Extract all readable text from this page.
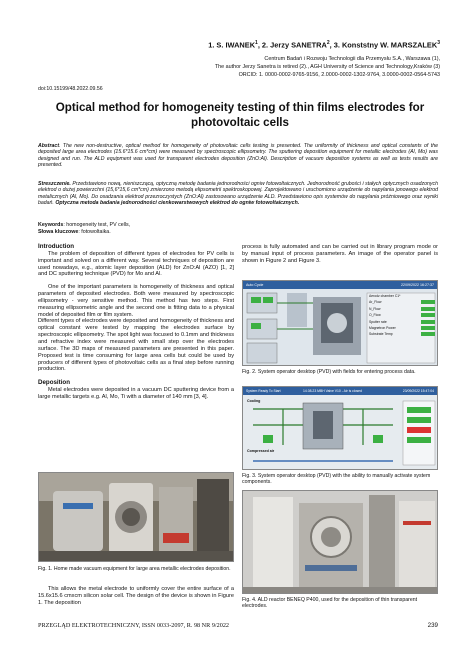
1. S. IWANEK$^1$, 2. Jerzy SANETRA$^2$, 3. Konststny W. MARSZALEK$^3$
Centrum Badań i Rozwoju Technologii dla Przemysłu S.A., Warszawa (1),
The author Jerzy Sanetra is retired (2)., AGH University of Science and Technology,Kraków (3)
ORCID: 1. 0000-0002-9765-9156, 2.0000-0002-1302-9764, 3.0000-0002-0564-5743
doi:10.15199/48.2022.09.56
Optical method for homogeneity testing of thin films electrodes for photovoltaic cells
Abstract. The new non-destructive, optical method for homogeneity of photovoltaic cells testing is presented. The uniformity of thickness and optical constants of the deposited large area electrodes (15.6*15.6 cm*cm) were measured by spectroscopic ellipsometry. The sputtering deposition equipment for metallic electrodes (Al, Mo) was designed and run. The ALD equipment was used for transparent electrodes deposition (ZnO:Al). Description of vacuum deposition systems as well as tests results are presented.
Streszczenie. Przedstawiono nową, nieniszczącą, optyczną metodę badania jednorodności ogniw fotowoltaicznych. Jednorodność grubości i stałych optycznych osadzonych elektrod o dużej powierzchni (15,6*15,6 cm*cm) zmierzono metodą elipsometrii spektroskopowej. Zaprojektowano i uruchomiono urządzenie do napylania jonowego elektrod metalicznych (Al, Mo). Do osadzania elektrod przezroczystych (ZnO:Al) zastosowano urządzenie ALD. Przedstawiono opis systemów do napylania próżniowego oraz wyniki badań. Optyczna metoda badania jednorodności cienkowarstwowych elektrod do ogniw fotowoltaicznych.
Keywords: homogeneity test, PV cells,
Słowa kluczowe: fotowoltaika.
Introduction

The problem of deposition of different types of electrodes for PV cells is important and solved on a different way. Several techniques of deposition are used nowadays, e.g., atomic layer deposition (ALD) for ZnO:Al (AZO) [1, 2] and DC sputtering technique (PVD) for Mo and Al.

One of the important parameters is homogeneity of thickness and optical parameters of deposited electrodes. Both were measured by spectroscopic ellipsometry - very sensitive method. This method has two steps. First measuring ellipsometric angle and the second one is fitting data to a physical model of deposited film or film system.

Different types of electrodes were deposited and homogeneity of thickness and optical constant were tested by mapping the electrodes surface by spectroscopic ellipsometry. The spot light was focused to 0.1mm and thickness and refractive index were measured with small step over the electrodes surface. The 3D maps of measured parameters are presented in this paper. Proposed test is time consuming for large area cells but could be used by producers of different types of photovoltaic cells as a final step before running production.

Deposition

Metal electrodes were deposited in a vacuum DC sputtering device from a large metallic targets e.g. Al, Mo, Ti with a diameter of 140 mm [3, 4].

Fig. 1. Home made vacuum equipment for large area metallic electrodes deposition.
This allows the metal electrode to uniformly cover the entire surface of a 15.6x15.6 cmxcm silicon solar cell. The design of the device is shown in Figure 1. The deposition
process is fully automated and can be carried out in library program mode or by manual input of process parameters. An image of the operator panel is shown in Figure 2 and Figure 3.
Auto Cycle	22/09/2022 16:27:37
Aerodz chamber C1*
Ar_Flow
N_Flow
O_Flow
Sputter rate
Magnetron Power
Substrate Temp
Fig. 2. System operator desktop (PVD) with fields for entering process data.
System Ready To Start	14.08.23 MBH Valve V10 - Air is closed	23/09/2022 15:47:04
Cooling
Compressed air
Fig. 3. System operator desktop (PVD) with the ability to manually activate system components.
Fig. 4. ALD reactor BENEQ P400, used for the deposition of thin transparent electrodes.
PRZEGLĄD ELEKTROTECHNICZNY, ISSN 0033-2097, R. 98 NR 9/2022	239
